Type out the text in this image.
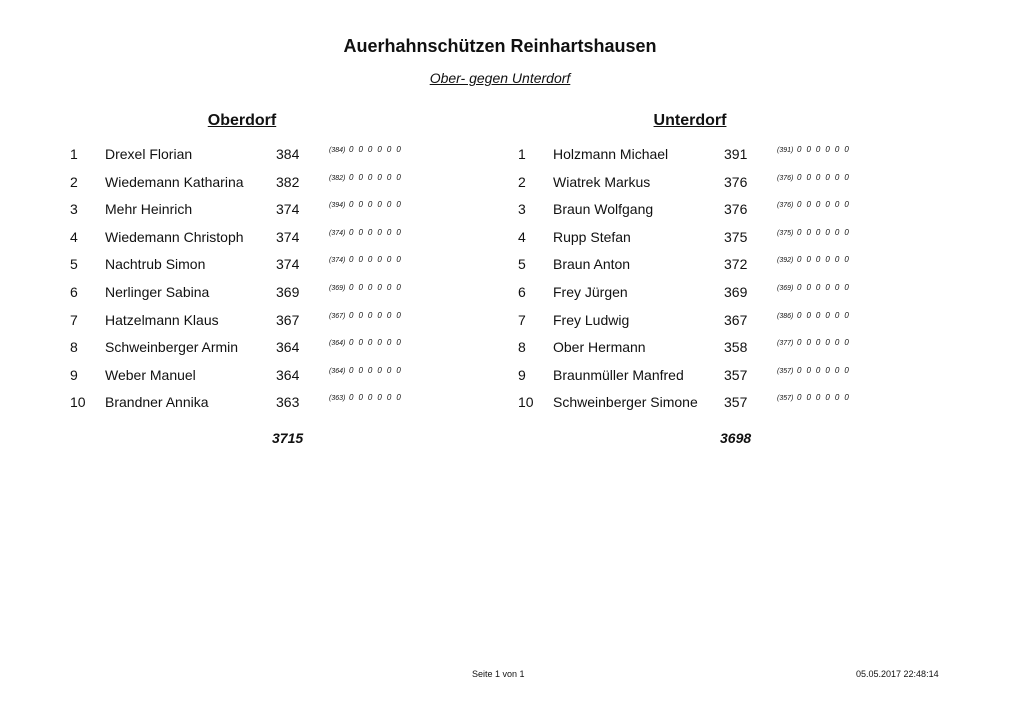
Auerhahnschützen Reinhartshausen
Ober- gegen Unterdorf
Oberdorf
1 Drexel Florian	384	(384) 0 0 0 0 0 0
2 Wiedemann Katharina 382	(382) 0 0 0 0 0 0
3 Mehr Heinrich	374	(394) 0 0 0 0 0 0
4 Wiedemann Christoph 374	(374) 0 0 0 0 0 0
5 Nachtrub Simon	374	(374) 0 0 0 0 0 0
6 Nerlinger Sabina	369	(369) 0 0 0 0 0 0
7 Hatzelmann Klaus	367	(367) 0 0 0 0 0 0
8 Schweinberger Armin	364	(364) 0 0 0 0 0 0
9 Weber Manuel	364	(364) 0 0 0 0 0 0
10 Brandner Annika	363	(363) 0 0 0 0 0 0
3715
Unterdorf
1 Holzmann Michael	391	(391) 0 0 0 0 0 0
2 Wiatrek Markus	376	(376) 0 0 0 0 0 0
3 Braun Wolfgang	376	(376) 0 0 0 0 0 0
4 Rupp Stefan	375	(375) 0 0 0 0 0 0
5 Braun Anton	372	(392) 0 0 0 0 0 0
6 Frey Jürgen	369	(369) 0 0 0 0 0 0
7 Frey Ludwig	367	(386) 0 0 0 0 0 0
8 Ober Hermann	358	(377) 0 0 0 0 0 0
9 Braunmüller Manfred	357	(357) 0 0 0 0 0 0
10 Schweinberger Simone 357	(357) 0 0 0 0 0 0
3698
Seite 1 von 1	05.05.2017 22:48:14
